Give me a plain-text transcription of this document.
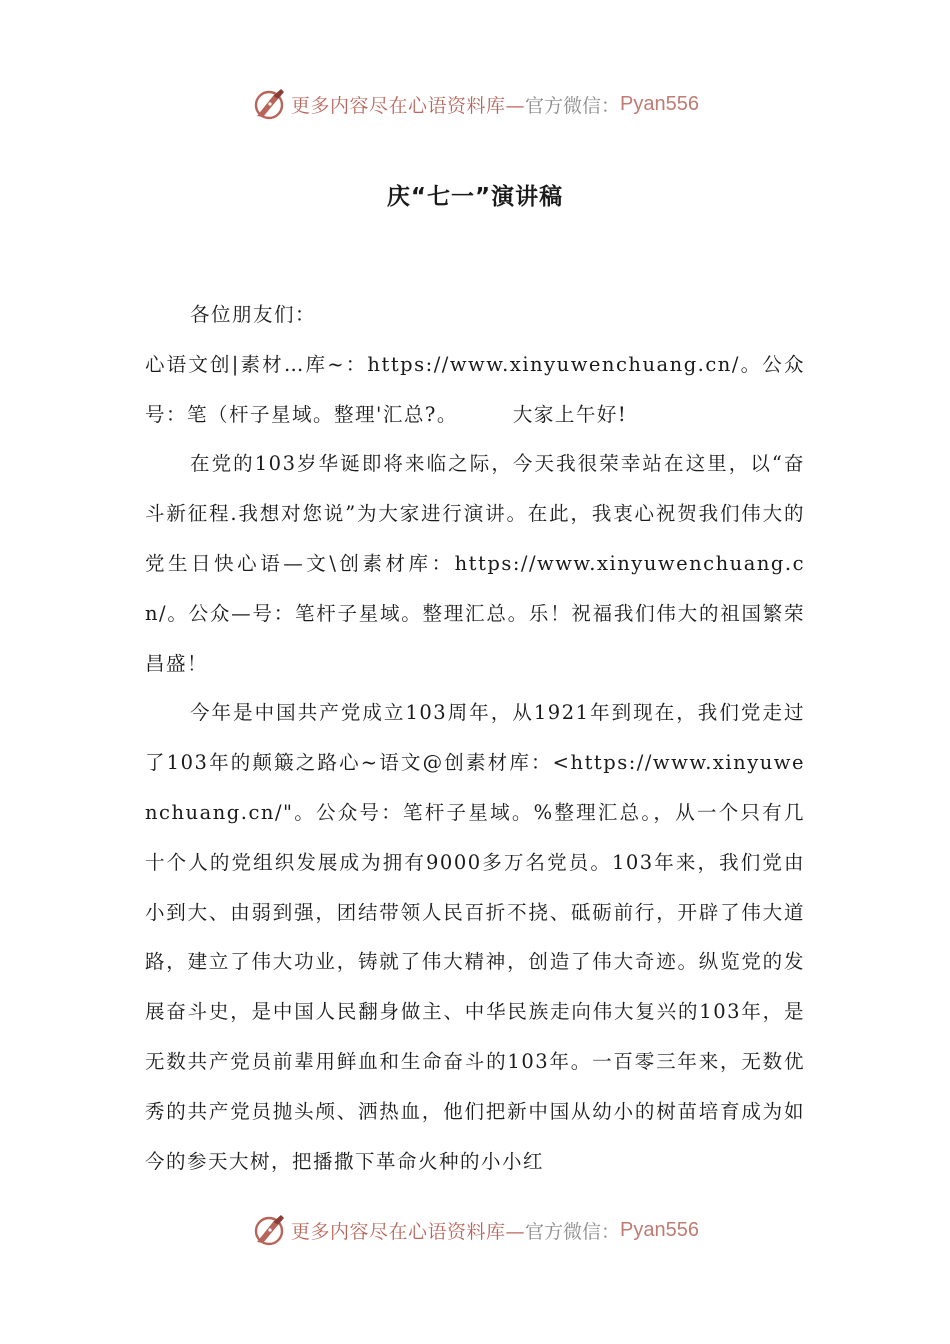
更多内容尽在心语资料库— 官方微信： Pyan556
庆“七一”演讲稿

各位朋友们：

心语文创|素材…库~：https://www.xinyuwenchuang.cn/。公众号：笔（杆子星域。整理'汇总?。	大家上午好!

在党的103岁华诞即将来临之际，今天我很荣幸站在这里，以“奋斗新征程.我想对您说”为大家进行演讲。在此，我衷心祝贺我们伟大的党生日快心语—文\创素材库：https://www.xinyuwenchuang.cn/。公众—号：笔杆子星域。整理汇总。乐！祝福我们伟大的祖国繁荣昌盛！

今年是中国共产党成立103周年，从1921年到现在，我们党走过了103年的颠簸之路心~语文@创素材库：<https://www.xinyuwenchuang.cn/"。公众号：笔杆子星域。%整理汇总。，从一个只有几十个人的党组织发展成为拥有9000多万名党员。103年来，我们党由小到大、由弱到强，团结带领人民百折不挠、砥砺前行，开辟了伟大道路，建立了伟大功业，铸就了伟大精神，创造了伟大奇迹。纵览党的发展奋斗史，是中国人民翻身做主、中华民族走向伟大复兴的103年，是无数共产党员前辈用鲜血和生命奋斗的103年。一百零三年来，无数优秀的共产党员抛头颅、洒热血，他们把新中国从幼小的树苗培育成为如今的参天大树，把播撒下革命火种的小小红

更多内容尽在心语资料库— 官方微信： Pyan556
